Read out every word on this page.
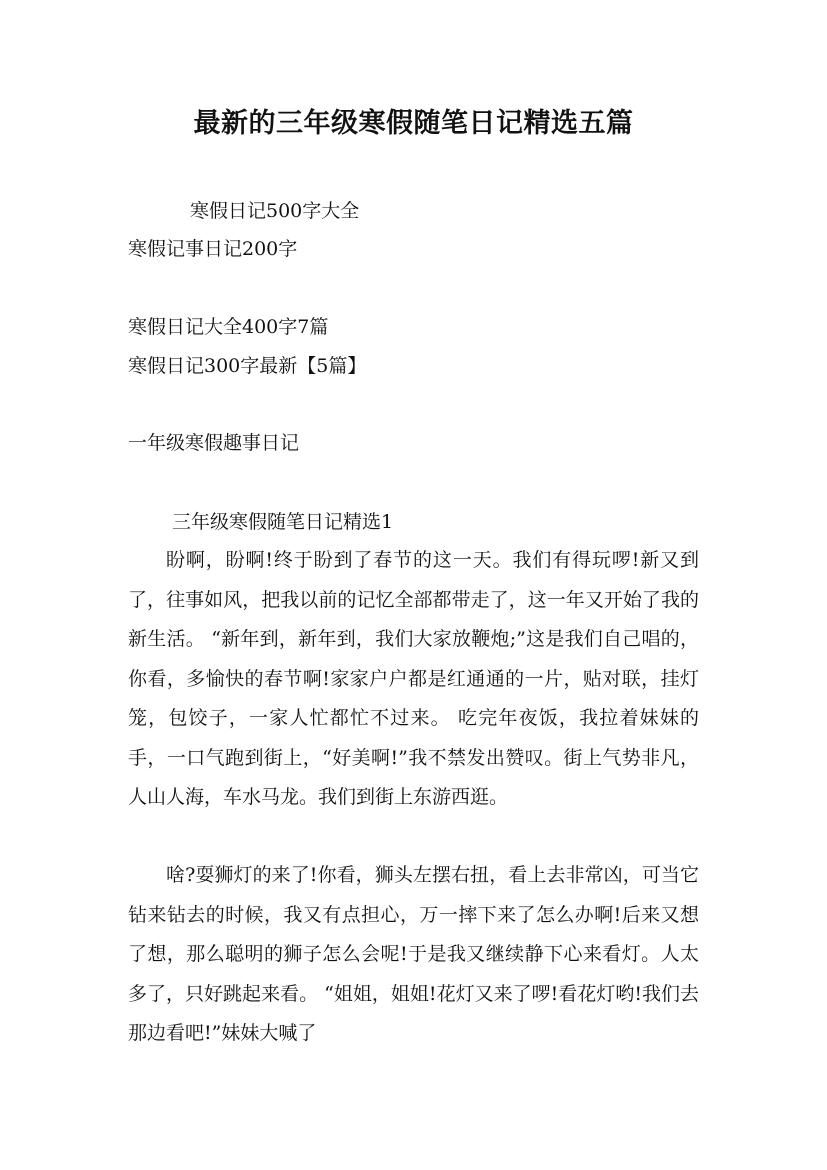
最新的三年级寒假随笔日记精选五篇
寒假日记500字大全
寒假记事日记200字
寒假日记大全400字7篇
寒假日记300字最新【5篇】
一年级寒假趣事日记
三年级寒假随笔日记精选1

盼啊，盼啊!终于盼到了春节的这一天。我们有得玩啰!新又到了，往事如风，把我以前的记忆全部都带走了，这一年又开始了我的新生活。 “新年到，新年到，我们大家放鞭炮;”这是我们自己唱的，你看，多愉快的春节啊!家家户户都是红通通的一片，贴对联，挂灯笼，包饺子，一家人忙都忙不过来。 吃完年夜饭，我拉着妹妹的手，一口气跑到街上，“好美啊!”我不禁发出赞叹。街上气势非凡，人山人海，车水马龙。我们到街上东游西逛。

啥?耍狮灯的来了!你看，狮头左摆右扭，看上去非常凶，可当它钻来钻去的时候，我又有点担心，万一摔下来了怎么办啊!后来又想了想，那么聪明的狮子怎么会呢!于是我又继续静下心来看灯。人太多了，只好跳起来看。 “姐姐，姐姐!花灯又来了啰!看花灯哟!我们去那边看吧!”妹妹大喊了
